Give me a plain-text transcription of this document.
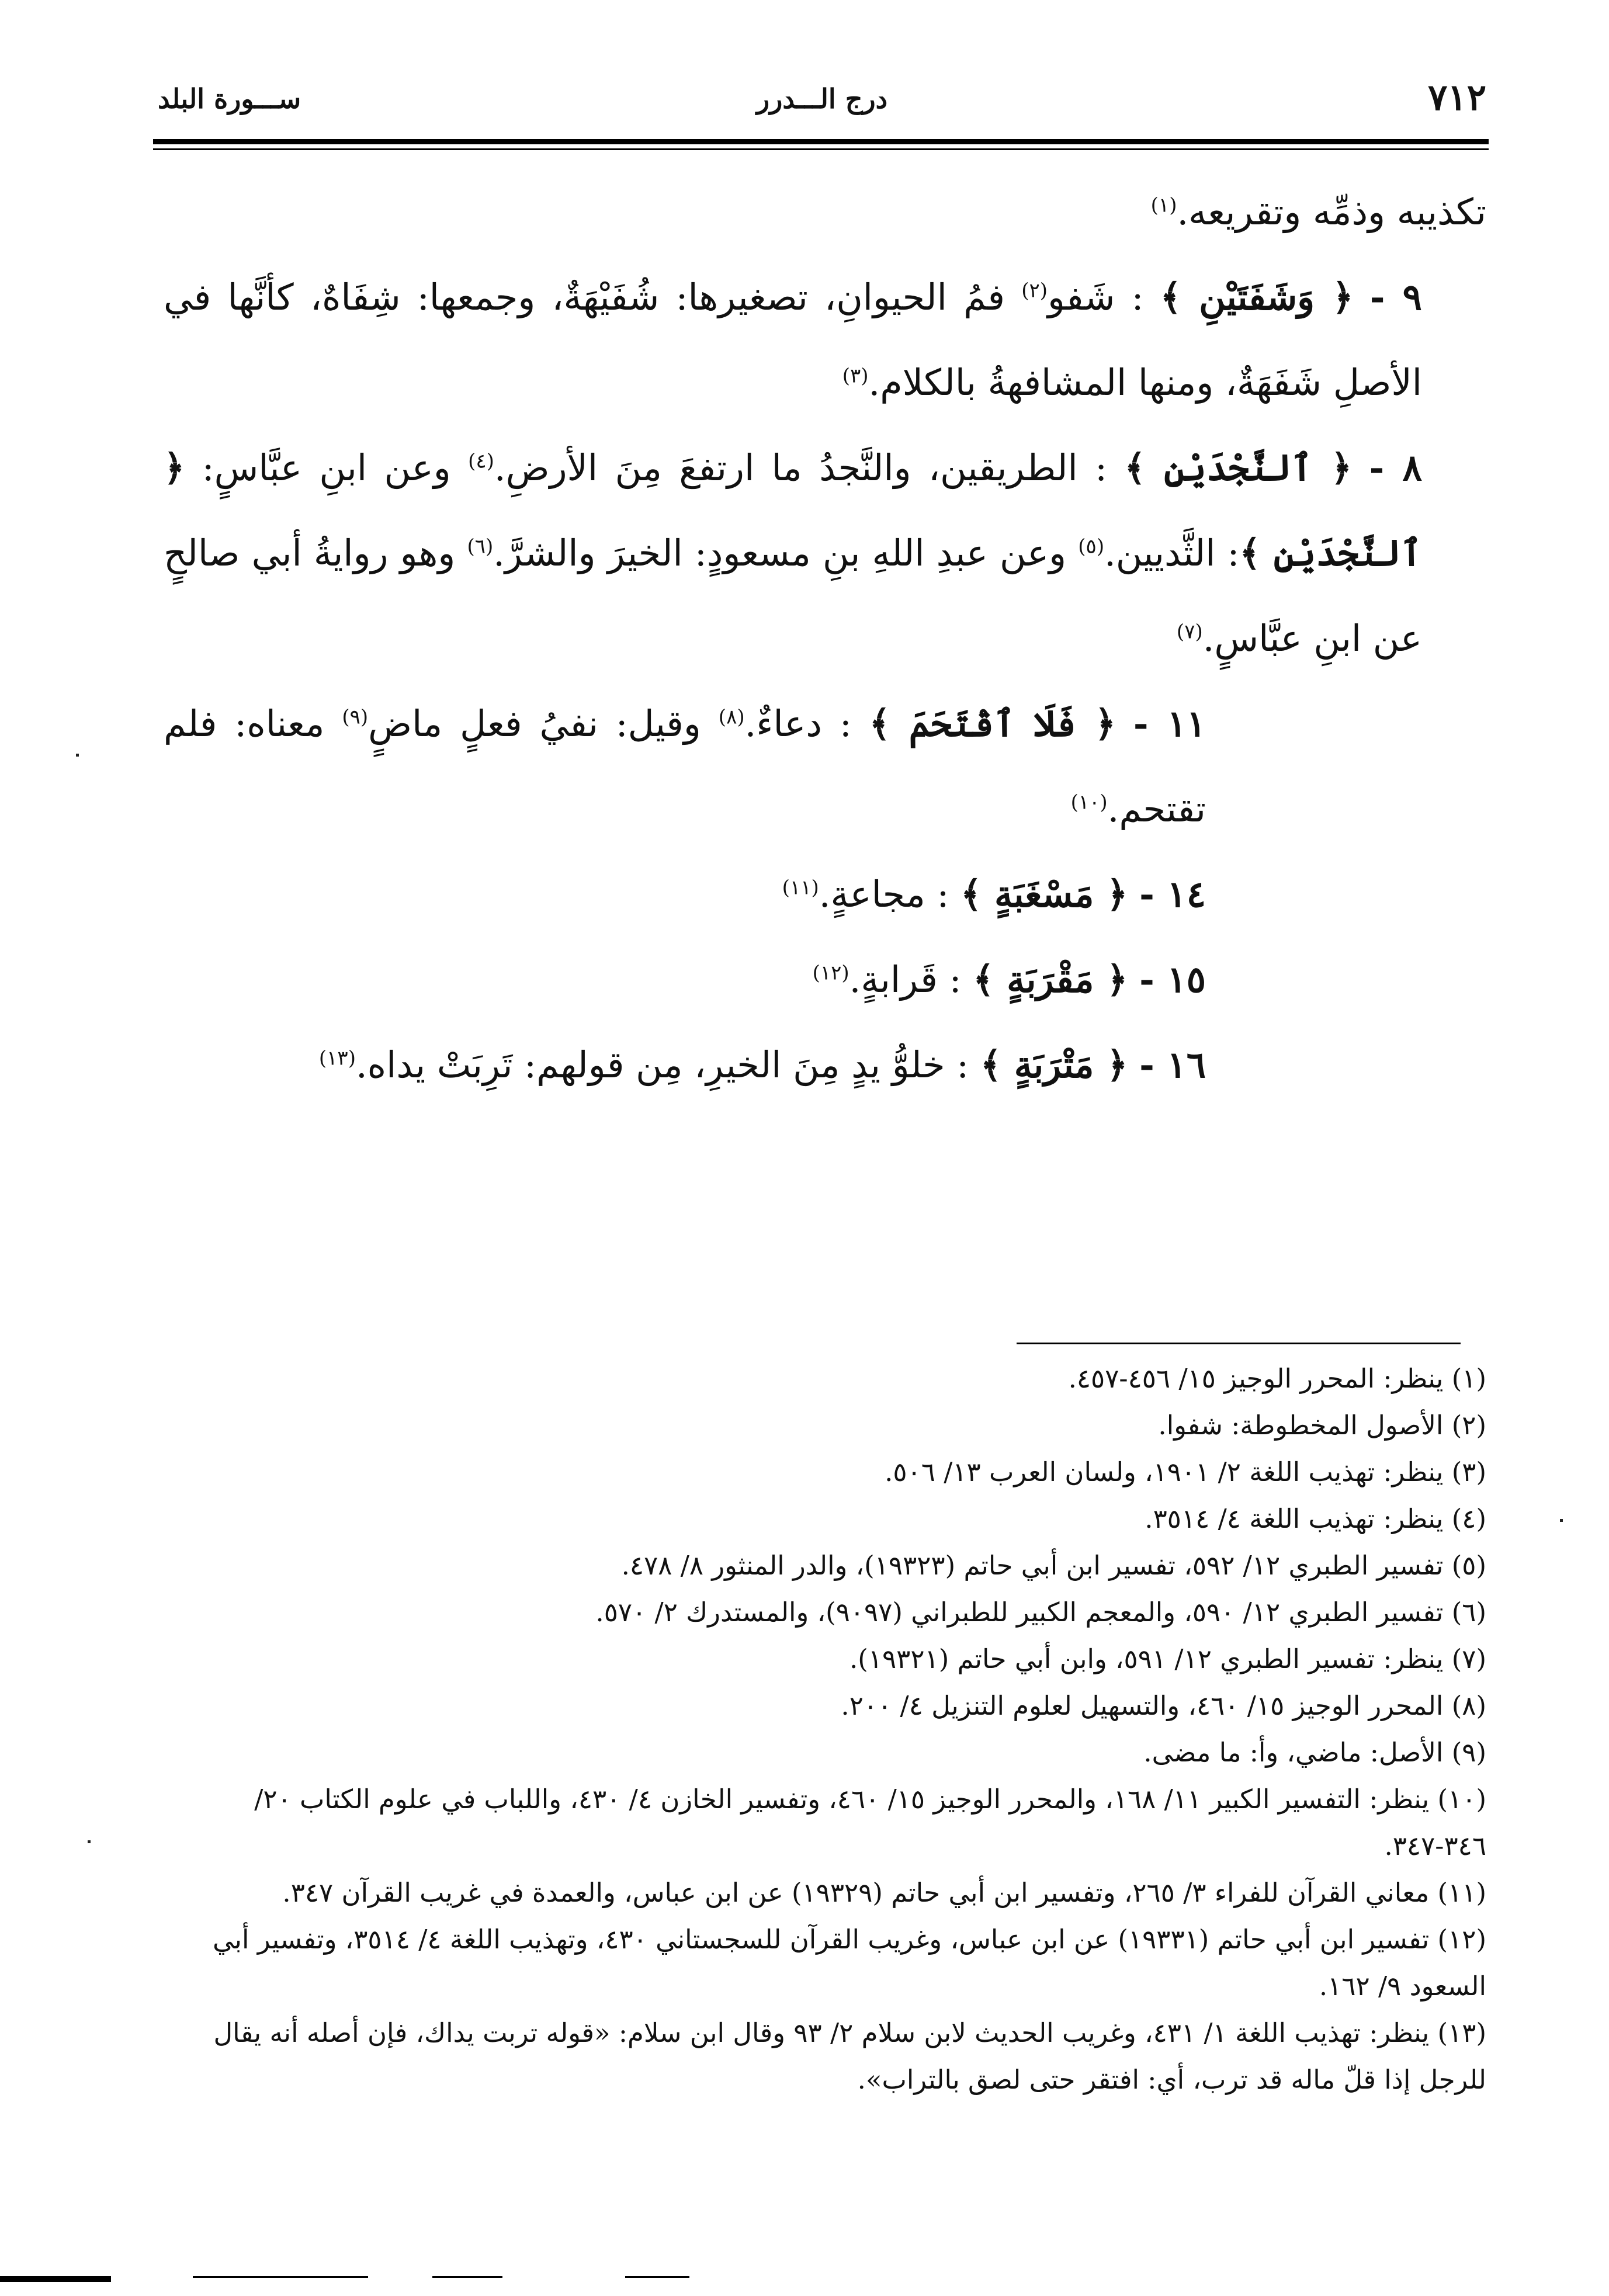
٧١٢
درج الـــدرر
ســـورة البلد

تكذيبه وذمِّه وتقريعه.$^{(١)}$

٩ - ﴿ وَشَفَتَيْنِ ﴾ : شَفو$^{(٢)}$ فمُ الحيوانِ، تصغيرها: شُفَيْهَةٌ، وجمعها: شِفَاهٌ، كأنَّها في الأصلِ شَفَهَةٌ، ومنها المشافهةُ بالكلام.$^{(٣)}$

٨ - ﴿ ٱلنَّجْدَيْنِ ﴾ : الطريقين، والنَّجدُ ما ارتفعَ مِنَ الأرضِ.$^{(٤)}$ وعن ابنِ عبَّاسٍ: ﴿ ٱلنَّجْدَيْنِ ﴾: الثَّديين.$^{(٥)}$ وعن عبدِ اللهِ بنِ مسعودٍ: الخيرَ والشرَّ.$^{(٦)}$ وهو روايةُ أبي صالحٍ عن ابنِ عبَّاسٍ.$^{(٧)}$

١١ - ﴿ فَلَا ٱقْتَحَمَ ﴾ : دعاءٌ.$^{(٨)}$ وقيل: نفيُ فعلٍ ماضٍ$^{(٩)}$ معناه: فلم تقتحم.$^{(١٠)}$

١٤ - ﴿ مَسْغَبَةٍ ﴾ : مجاعةٍ.$^{(١١)}$

١٥ - ﴿ مَقْرَبَةٍ ﴾ : قَرابةٍ.$^{(١٢)}$

١٦ - ﴿ مَتْرَبَةٍ ﴾ : خلوُّ يدٍ مِنَ الخيرِ، مِن قولهم: تَرِبَتْ يداه.$^{(١٣)}$

(١) ينظر: المحرر الوجيز ١٥/ ٤٥٦-٤٥٧.

(٢) الأصول المخطوطة: شفوا.

(٣) ينظر: تهذيب اللغة ٢/ ١٩٠١، ولسان العرب ١٣/ ٥٠٦.

(٤) ينظر: تهذيب اللغة ٤/ ٣٥١٤.

(٥) تفسير الطبري ١٢/ ٥٩٢، تفسير ابن أبي حاتم (١٩٣٢٣)، والدر المنثور ٨/ ٤٧٨.

(٦) تفسير الطبري ١٢/ ٥٩٠، والمعجم الكبير للطبراني (٩٠٩٧)، والمستدرك ٢/ ٥٧٠.

(٧) ينظر: تفسير الطبري ١٢/ ٥٩١، وابن أبي حاتم (١٩٣٢١).

(٨) المحرر الوجيز ١٥/ ٤٦٠، والتسهيل لعلوم التنزيل ٤/ ٢٠٠.

(٩) الأصل: ماضي، وأ: ما مضى.

(١٠) ينظر: التفسير الكبير ١١/ ١٦٨، والمحرر الوجيز ١٥/ ٤٦٠، وتفسير الخازن ٤/ ٤٣٠، واللباب في علوم الكتاب ٢٠/ ٣٤٦-٣٤٧.

(١١) معاني القرآن للفراء ٣/ ٢٦٥، وتفسير ابن أبي حاتم (١٩٣٢٩) عن ابن عباس، والعمدة في غريب القرآن ٣٤٧.

(١٢) تفسير ابن أبي حاتم (١٩٣٣١) عن ابن عباس، وغريب القرآن للسجستاني ٤٣٠، وتهذيب اللغة ٤/ ٣٥١٤، وتفسير أبي السعود ٩/ ١٦٢.

(١٣) ينظر: تهذيب اللغة ١/ ٤٣١، وغريب الحديث لابن سلام ٢/ ٩٣ وقال ابن سلام: «قوله تربت يداك، فإن أصله أنه يقال للرجل إذا قلّ ماله قد ترب، أي: افتقر حتى لصق بالتراب».
